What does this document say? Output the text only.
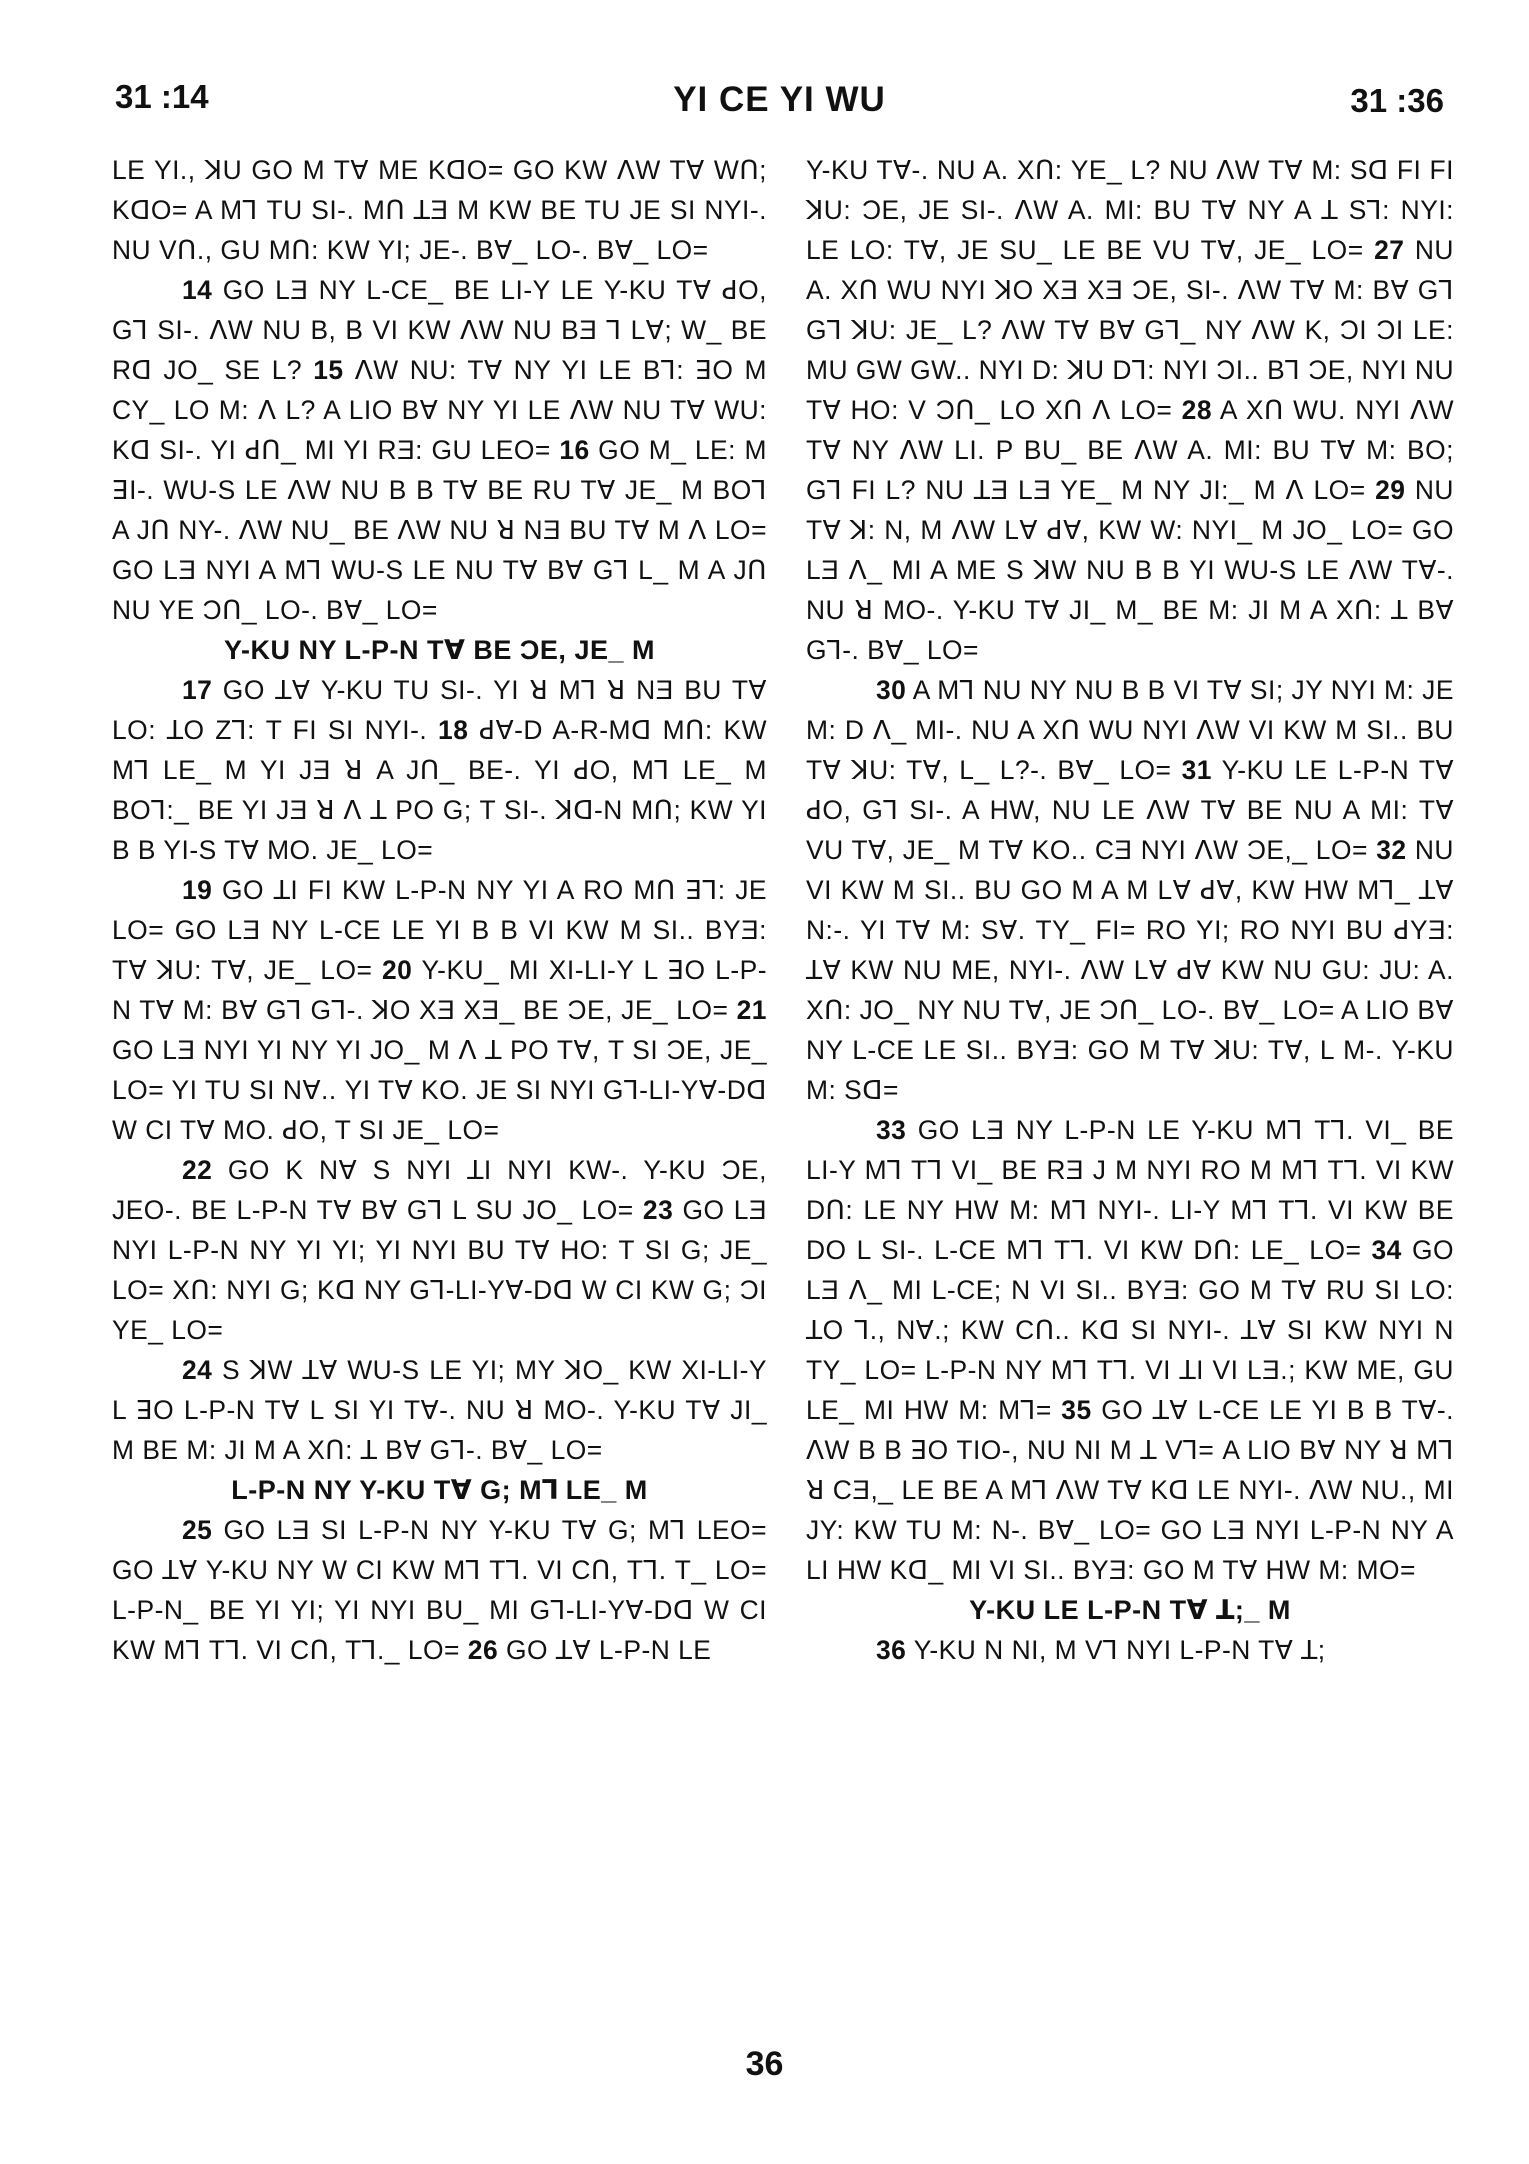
31 :14	YI CE YI WU	31 :36

LE YI., ꓘU GO M Tꓯ ME KꓷO= GO KW ꓥW Tꓯ Wꓵ; KꓷO= A Mꓶ TU SI-. Mꓵ ꓕƎ M KW BE TU JE SI NYI-. NU Vꓵ., GU Mꓵ: KW YI; JE-. Bꓯ_ LO-. Bꓯ_ LO=

14 GO LƎ NY L-CE_ BE LI-Y LE Y-KU Tꓯ ꓒO, Gꓶ SI-. ꓥW NU B, B VI KW ꓥW NU BƎ ꓶ Lꓯ; W_ BE Rꓷ JO_ SE L? 15 ꓥW NU: Tꓯ NY YI LE Bꓶ: ꓱO M CY_ LO M: ꓥ L? A LIO Bꓯ NY YI LE ꓥW NU Tꓯ WU: Kꓷ SI-. YI ꓒꓵ_ MI YI RƎ: GU LEO= 16 GO M_ LE: M ꓱI-. WU-S LE ꓥW NU B B Tꓯ BE RU Tꓯ JE_ M BOꓶ A Jꓵ NY-. ꓥW NU_ BE ꓥW NU ꓤ NƎ BU Tꓯ M ꓥ LO= GO LƎ NYI A Mꓶ WU-S LE NU Tꓯ Bꓯ Gꓶ L_ M A Jꓵ NU YE Ɔꓵ_ LO-. Bꓯ_ LO=

Y-KU NY L-P-N Tꓯ BE ƆE, JE_ M

17 GO ꓕꓯ Y-KU TU SI-. YI ꓤ Mꓶ ꓤ NƎ BU Tꓯ LO: ꓕO Zꓶ: T FI SI NYI-. 18 ꓒꓯ-D A-R-Mꓷ Mꓵ: KW Mꓶ LE_ M YI JƎ ꓤ A Jꓵ_ BE-. YI ꓒO, Mꓶ LE_ M BOꓶ:_ BE YI JƎ ꓤ ꓥ ꓕ PO G; T SI-. ꓘꓷ-N Mꓵ; KW YI B B YI-S Tꓯ MO. JE_ LO=

19 GO ꓕI FI KW L-P-N NY YI A RO Mꓵ ꓱꓶ: JE LO= GO LƎ NY L-CE LE YI B B VI KW M SI.. BYƎ: Tꓯ ꓘU: Tꓯ, JE_ LO= 20 Y-KU_ MI XI-LI-Y L ꓱO L-P-N Tꓯ M: Bꓯ Gꓶ Gꓶ-. ꓘO XƎ XƎ_ BE ƆE, JE_ LO= 21 GO LƎ NYI YI NY YI JO_ M ꓥ ꓕ PO Tꓯ, T SI ƆE, JE_ LO= YI TU SI Nꓯ.. YI Tꓯ KO. JE SI NYI Gꓶ-LI-Yꓯ-Dꓷ W CI Tꓯ MO. ꓒO, T SI JE_ LO=

22 GO K Nꓯ S NYI ꓕI NYI KW-. Y-KU ƆE, JEO-. BE L-P-N Tꓯ Bꓯ Gꓶ L SU JO_ LO= 23 GO LƎ NYI L-P-N NY YI YI; YI NYI BU Tꓯ HO: T SI G; JE_ LO= Xꓵ: NYI G; Kꓷ NY Gꓶ-LI-Yꓯ-Dꓷ W CI KW G; ƆI YE_ LO=

24 S ꓘW ꓕꓯ WU-S LE YI; MY ꓘO_ KW XI-LI-Y L ꓱO L-P-N Tꓯ L SI YI Tꓯ-. NU ꓤ MO-. Y-KU Tꓯ JI_ M BE M: JI M A Xꓵ: ꓕ Bꓯ Gꓶ-. Bꓯ_ LO=

L-P-N NY Y-KU Tꓯ G; Mꓶ LE_ M

25 GO LƎ SI L-P-N NY Y-KU Tꓯ G; Mꓶ LEO= GO ꓕꓯ Y-KU NY W CI KW Mꓶ Tꓶ. VI Cꓵ, Tꓶ. T_ LO= L-P-N_ BE YI YI; YI NYI BU_ MI Gꓶ-LI-Yꓯ-Dꓷ W CI KW Mꓶ Tꓶ. VI Cꓵ, Tꓶ._ LO= 26 GO ꓕꓯ L-P-N LE

Y-KU Tꓯ-. NU A. Xꓵ: YE_ L? NU ꓥW Tꓯ M: Sꓷ FI FI ꓘU: ƆE, JE SI-. ꓥW A. MI: BU Tꓯ NY A ꓕ Sꓶ: NYI: LE LO: Tꓯ, JE SU_ LE BE VU Tꓯ, JE_ LO= 27 NU A. Xꓵ WU NYI ꓘO XƎ XƎ ƆE, SI-. ꓥW Tꓯ M: Bꓯ Gꓶ Gꓶ ꓘU: JE_ L? ꓥW Tꓯ Bꓯ Gꓶ_ NY ꓥW K, ƆI ƆI LE: MU GW GW.. NYI D: ꓘU Dꓶ: NYI ƆI.. Bꓶ ƆE, NYI NU Tꓯ HO: V Ɔꓵ_ LO Xꓵ ꓥ LO= 28 A Xꓵ WU. NYI ꓥW Tꓯ NY ꓥW LI. P BU_ BE ꓥW A. MI: BU Tꓯ M: BO; Gꓶ FI L? NU ꓕƎ LƎ YE_ M NY JI:_ M ꓥ LO= 29 NU Tꓯ ꓘ: N, M ꓥW Lꓯ ꓒꓯ, KW W: NYI_ M JO_ LO= GO LƎ ꓥ_ MI A ME S ꓘW NU B B YI WU-S LE ꓥW Tꓯ-. NU ꓤ MO-. Y-KU Tꓯ JI_ M_ BE M: JI M A Xꓵ: ꓕ Bꓯ Gꓶ-. Bꓯ_ LO=

30 A Mꓶ NU NY NU B B VI Tꓯ SI; JY NYI M: JE M: D ꓥ_ MI-. NU A Xꓵ WU NYI ꓥW VI KW M SI.. BU Tꓯ ꓘU: Tꓯ, L_ L?-. Bꓯ_ LO= 31 Y-KU LE L-P-N Tꓯ ꓒO, Gꓶ SI-. A HW, NU LE ꓥW Tꓯ BE NU A MI: Tꓯ VU Tꓯ, JE_ M Tꓯ KO.. CƎ NYI ꓥW ƆE,_ LO= 32 NU VI KW M SI.. BU GO M A M Lꓯ ꓒꓯ, KW HW Mꓶ_ ꓕꓯ N:-. YI Tꓯ M: Sꓯ. TY_ FI= RO YI; RO NYI BU ꓒYƎ: ꓕꓯ KW NU ME, NYI-. ꓥW Lꓯ ꓒꓯ KW NU GU: JU: A. Xꓵ: JO_ NY NU Tꓯ, JE Ɔꓵ_ LO-. Bꓯ_ LO= A LIO Bꓯ NY L-CE LE SI.. BYƎ: GO M Tꓯ ꓘU: Tꓯ, L M-. Y-KU M: Sꓷ=

33 GO LƎ NY L-P-N LE Y-KU Mꓶ Tꓶ. VI_ BE LI-Y Mꓶ Tꓶ VI_ BE RƎ J M NYI RO M Mꓶ Tꓶ. VI KW Dꓵ: LE NY HW M: Mꓶ NYI-. LI-Y Mꓶ Tꓶ. VI KW BE DO L SI-. L-CE Mꓶ Tꓶ. VI KW Dꓵ: LE_ LO= 34 GO LƎ ꓥ_ MI L-CE; N VI SI.. BYƎ: GO M Tꓯ RU SI LO: ꓕO ꓶ., Nꓯ.; KW Cꓵ.. Kꓷ SI NYI-. ꓕꓯ SI KW NYI N TY_ LO= L-P-N NY Mꓶ Tꓶ. VI ꓕI VI LƎ.; KW ME, GU LE_ MI HW M: Mꓶ= 35 GO ꓕꓯ L-CE LE YI B B Tꓯ-. ꓥW B B ꓱO TIO-, NU NI M ꓕ Vꓶ= A LIO Bꓯ NY ꓤ Mꓶ ꓤ CƎ,_ LE BE A Mꓶ ꓥW Tꓯ Kꓷ LE NYI-. ꓥW NU., MI JY: KW TU M: N-. Bꓯ_ LO= GO LƎ NYI L-P-N NY A LI HW Kꓷ_ MI VI SI.. BYƎ: GO M Tꓯ HW M: MO=

Y-KU LE L-P-N Tꓯ ꓕ;_ M

36 Y-KU N NI, M Vꓶ NYI L-P-N Tꓯ ꓕ;

36
